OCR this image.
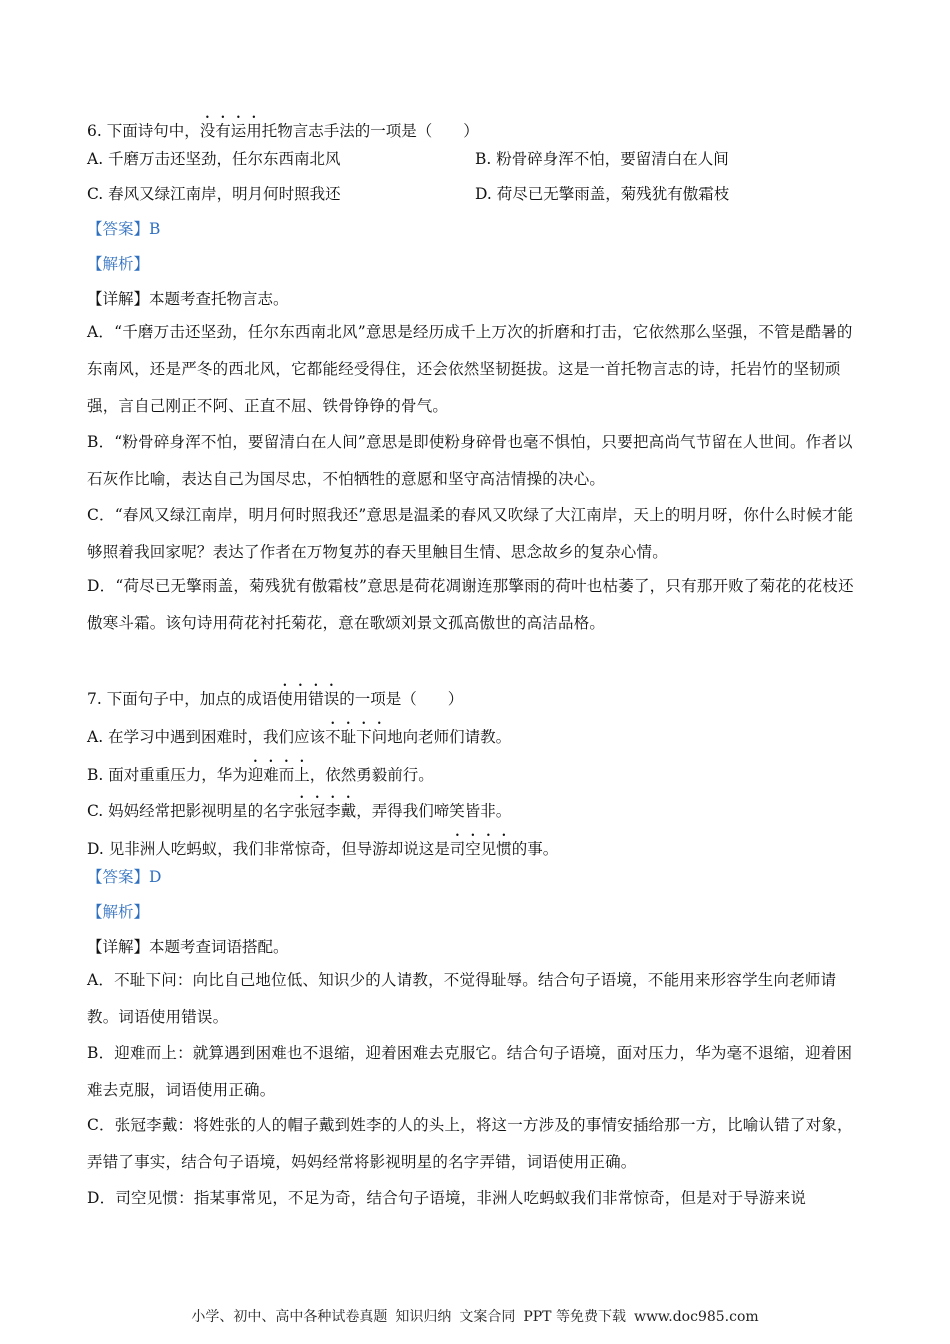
6. 下面诗句中，没有运用托物言志手法的一项是（　　）
A. 千磨万击还坚劲，任尔东西南北风	B. 粉骨碎身浑不怕，要留清白在人间
C. 春风又绿江南岸，明月何时照我还	D. 荷尽已无擎雨盖，菊残犹有傲霜枝
【答案】B
【解析】
【详解】本题考查托物言志。
A．“千磨万击还坚劲，任尔东西南北风”意思是经历成千上万次的折磨和打击，它依然那么坚强，不管是酷暑的东南风，还是严冬的西北风，它都能经受得住，还会依然坚韧挺拔。这是一首托物言志的诗，托岩竹的坚韧顽强，言自己刚正不阿、正直不屈、铁骨铮铮的骨气。
B．“粉骨碎身浑不怕，要留清白在人间”意思是即使粉身碎骨也毫不惧怕，只要把高尚气节留在人世间。作者以石灰作比喻，表达自己为国尽忠，不怕牺牲的意愿和坚守高洁情操的决心。
C．“春风又绿江南岸，明月何时照我还”意思是温柔的春风又吹绿了大江南岸，天上的明月呀，你什么时候才能够照着我回家呢？表达了作者在万物复苏的春天里触目生情、思念故乡的复杂心情。
D．“荷尽已无擎雨盖，菊残犹有傲霜枝”意思是荷花凋谢连那擎雨的荷叶也枯萎了，只有那开败了菊花的花枝还傲寒斗霜。该句诗用荷花衬托菊花，意在歌颂刘景文孤高傲世的高洁品格。
7. 下面句子中，加点的成语使用错误的一项是（　　）
A. 在学习中遇到困难时，我们应该不耻下问地向老师们请教。
B. 面对重重压力，华为迎难而上，依然勇毅前行。
C. 妈妈经常把影视明星的名字张冠李戴，弄得我们啼笑皆非。
D. 见非洲人吃蚂蚁，我们非常惊奇，但导游却说这是司空见惯的事。
【答案】D
【解析】
【详解】本题考查词语搭配。
A．不耻下问：向比自己地位低、知识少的人请教，不觉得耻辱。结合句子语境，不能用来形容学生向老师请教。词语使用错误。
B．迎难而上：就算遇到困难也不退缩，迎着困难去克服它。结合句子语境，面对压力，华为毫不退缩，迎着困难去克服，词语使用正确。
C．张冠李戴：将姓张的人的帽子戴到姓李的人的头上，将这一方涉及的事情安插给那一方，比喻认错了对象，弄错了事实，结合句子语境，妈妈经常将影视明星的名字弄错，词语使用正确。
D．司空见惯：指某事常见，不足为奇，结合句子语境，非洲人吃蚂蚁我们非常惊奇，但是对于导游来说
小学、初中、高中各种试卷真题 知识归纳 文案合同 PPT 等免费下载 www.doc985.com
